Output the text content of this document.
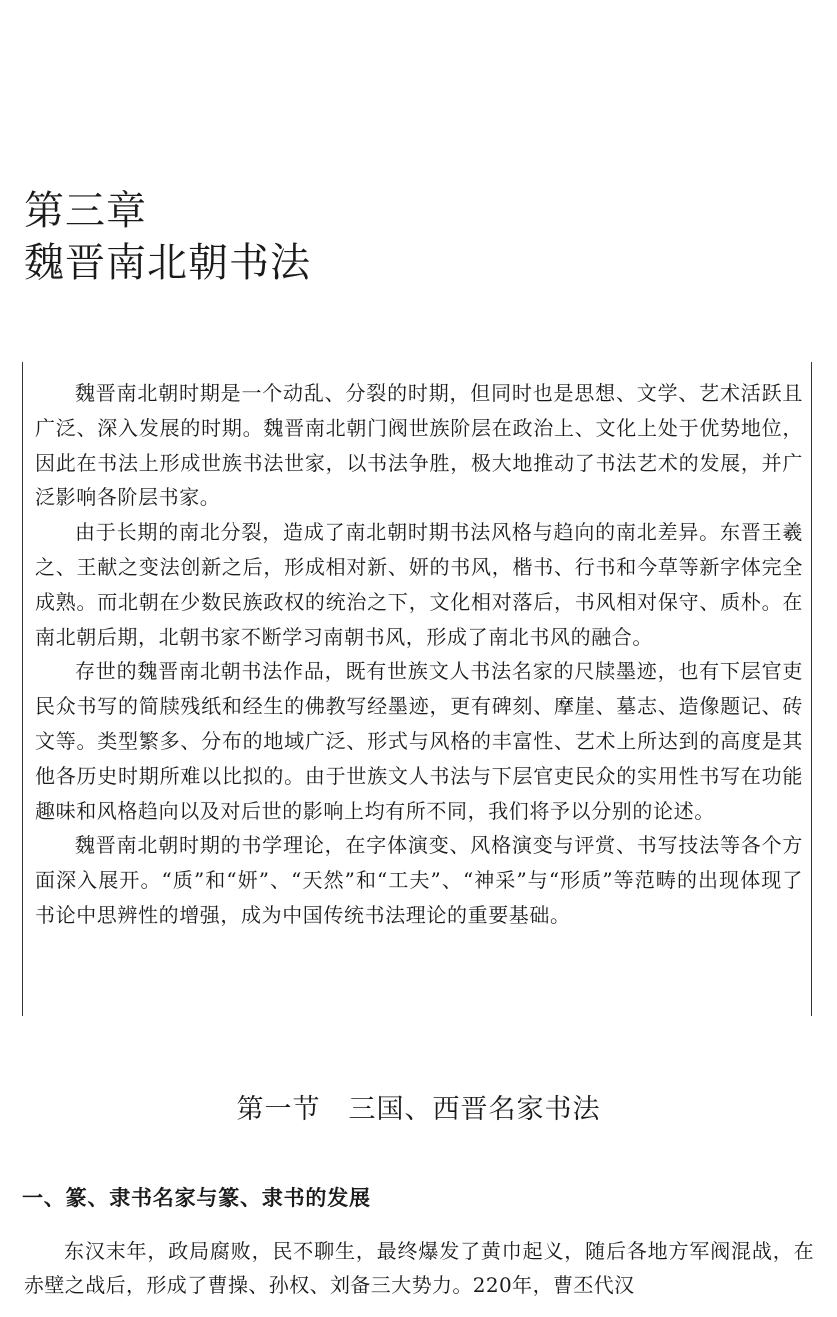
第三章
魏晋南北朝书法

魏晋南北朝时期是一个动乱、分裂的时期，但同时也是思想、文学、艺术活跃且广泛、深入发展的时期。魏晋南北朝门阀世族阶层在政治上、文化上处于优势地位，因此在书法上形成世族书法世家，以书法争胜，极大地推动了书法艺术的发展，并广泛影响各阶层书家。

由于长期的南北分裂，造成了南北朝时期书法风格与趋向的南北差异。东晋王羲之、王献之变法创新之后，形成相对新、妍的书风，楷书、行书和今草等新字体完全成熟。而北朝在少数民族政权的统治之下，文化相对落后，书风相对保守、质朴。在南北朝后期，北朝书家不断学习南朝书风，形成了南北书风的融合。

存世的魏晋南北朝书法作品，既有世族文人书法名家的尺牍墨迹，也有下层官吏民众书写的简牍残纸和经生的佛教写经墨迹，更有碑刻、摩崖、墓志、造像题记、砖文等。类型繁多、分布的地域广泛、形式与风格的丰富性、艺术上所达到的高度是其他各历史时期所难以比拟的。由于世族文人书法与下层官吏民众的实用性书写在功能趣味和风格趋向以及对后世的影响上均有所不同，我们将予以分别的论述。

魏晋南北朝时期的书学理论，在字体演变、风格演变与评赏、书写技法等各个方面深入展开。“质”和“妍”、“天然”和“工夫”、“神采”与“形质”等范畴的出现体现了书论中思辨性的增强，成为中国传统书法理论的重要基础。

第一节　三国、西晋名家书法
一、篆、隶书名家与篆、隶书的发展

东汉末年，政局腐败，民不聊生，最终爆发了黄巾起义，随后各地方军阀混战，在赤壁之战后，形成了曹操、孙权、刘备三大势力。220年，曹丕代汉
